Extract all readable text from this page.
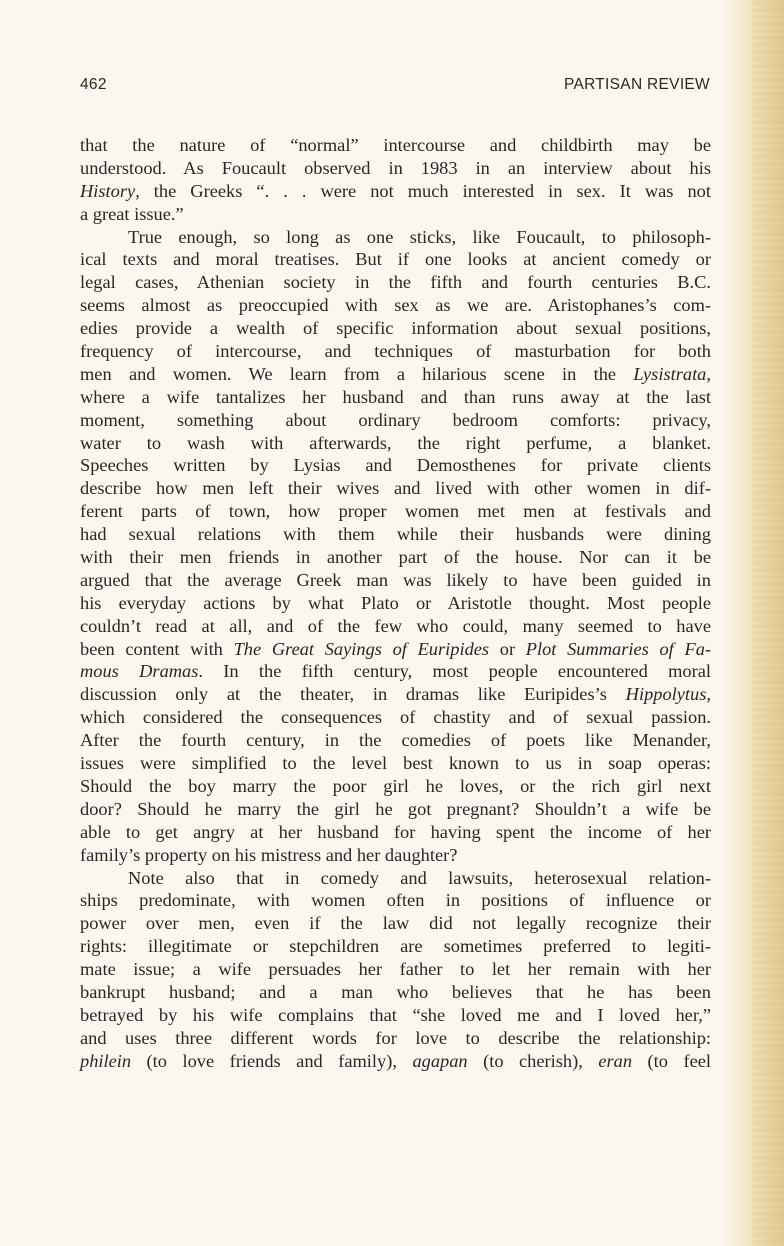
462	PARTISAN REVIEW
that the nature of “normal” intercourse and childbirth may be
understood. As Foucault observed in 1983 in an interview about his
History, the Greeks “. . . were not much interested in sex. It was not
a great issue.”
True enough, so long as one sticks, like Foucault, to philosoph-
ical texts and moral treatises. But if one looks at ancient comedy or
legal cases, Athenian society in the fifth and fourth centuries B.C.
seems almost as preoccupied with sex as we are. Aristophanes’s com-
edies provide a wealth of specific information about sexual positions,
frequency of intercourse, and techniques of masturbation for both
men and women. We learn from a hilarious scene in the Lysistrata,
where a wife tantalizes her husband and than runs away at the last
moment, something about ordinary bedroom comforts: privacy,
water to wash with afterwards, the right perfume, a blanket.
Speeches written by Lysias and Demosthenes for private clients
describe how men left their wives and lived with other women in dif-
ferent parts of town, how proper women met men at festivals and
had sexual relations with them while their husbands were dining
with their men friends in another part of the house. Nor can it be
argued that the average Greek man was likely to have been guided in
his everyday actions by what Plato or Aristotle thought. Most people
couldn’t read at all, and of the few who could, many seemed to have
been content with The Great Sayings of Euripides or Plot Summaries of Fa-
mous Dramas. In the fifth century, most people encountered moral
discussion only at the theater, in dramas like Euripides’s Hippolytus,
which considered the consequences of chastity and of sexual passion.
After the fourth century, in the comedies of poets like Menander,
issues were simplified to the level best known to us in soap operas:
Should the boy marry the poor girl he loves, or the rich girl next
door? Should he marry the girl he got pregnant? Shouldn’t a wife be
able to get angry at her husband for having spent the income of her
family’s property on his mistress and her daughter?
Note also that in comedy and lawsuits, heterosexual relation-
ships predominate, with women often in positions of influence or
power over men, even if the law did not legally recognize their
rights: illegitimate or stepchildren are sometimes preferred to legiti-
mate issue; a wife persuades her father to let her remain with her
bankrupt husband; and a man who believes that he has been
betrayed by his wife complains that “she loved me and I loved her,”
and uses three different words for love to describe the relationship:
philein (to love friends and family), agapan (to cherish), eran (to feel
